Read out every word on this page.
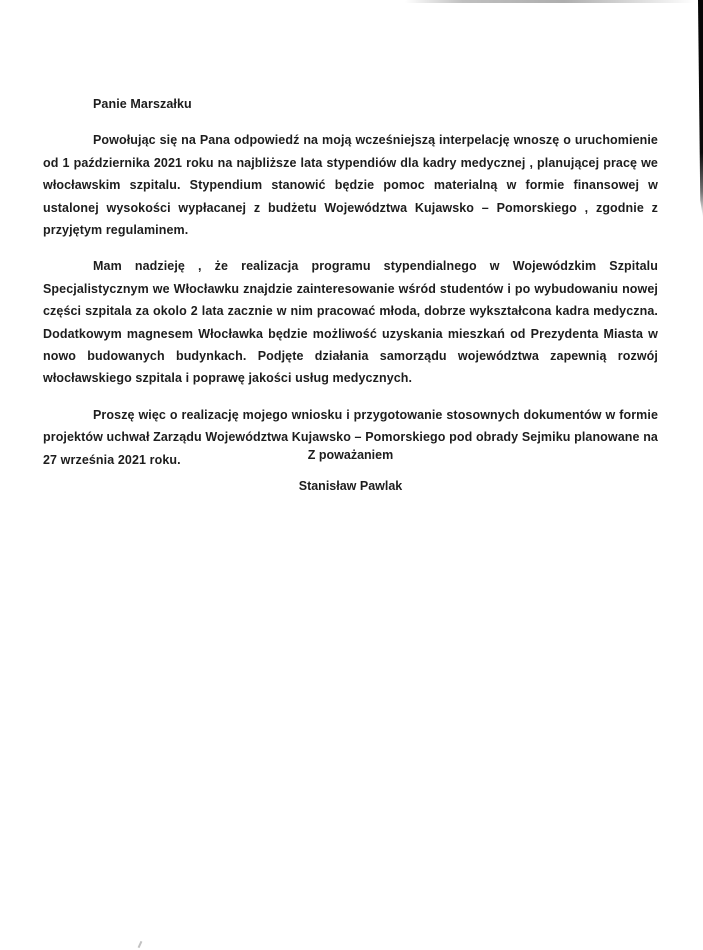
Panie Marszałku

Powołując się na Pana odpowiedź na moją wcześniejszą interpelację wnoszę o uruchomienie od 1 października 2021 roku na najbliższe lata stypendiów dla kadry medycznej , planującej pracę we włocławskim szpitalu. Stypendium stanowić będzie pomoc materialną w formie finansowej w ustalonej wysokości wypłacanej z budżetu Województwa Kujawsko – Pomorskiego , zgodnie z przyjętym regulaminem.

Mam nadzieję , że realizacja programu stypendialnego w Wojewódzkim Szpitalu Specjalistycznym we Włocławku znajdzie zainteresowanie wśród studentów i po wybudowaniu nowej części szpitala za okolo 2 lata zacznie w nim pracować młoda, dobrze wykształcona kadra medyczna. Dodatkowym magnesem Włocławka będzie możliwość uzyskania mieszkań od Prezydenta Miasta w nowo budowanych budynkach. Podjęte działania samorządu województwa zapewnią rozwój włocławskiego szpitala i poprawę jakości usług medycznych.

Proszę więc o realizację mojego wniosku i przygotowanie stosownych dokumentów w formie projektów uchwał Zarządu Województwa Kujawsko – Pomorskiego pod obrady Sejmiku planowane na 27 września 2021 roku.	Z poważaniem

Stanisław Pawlak
